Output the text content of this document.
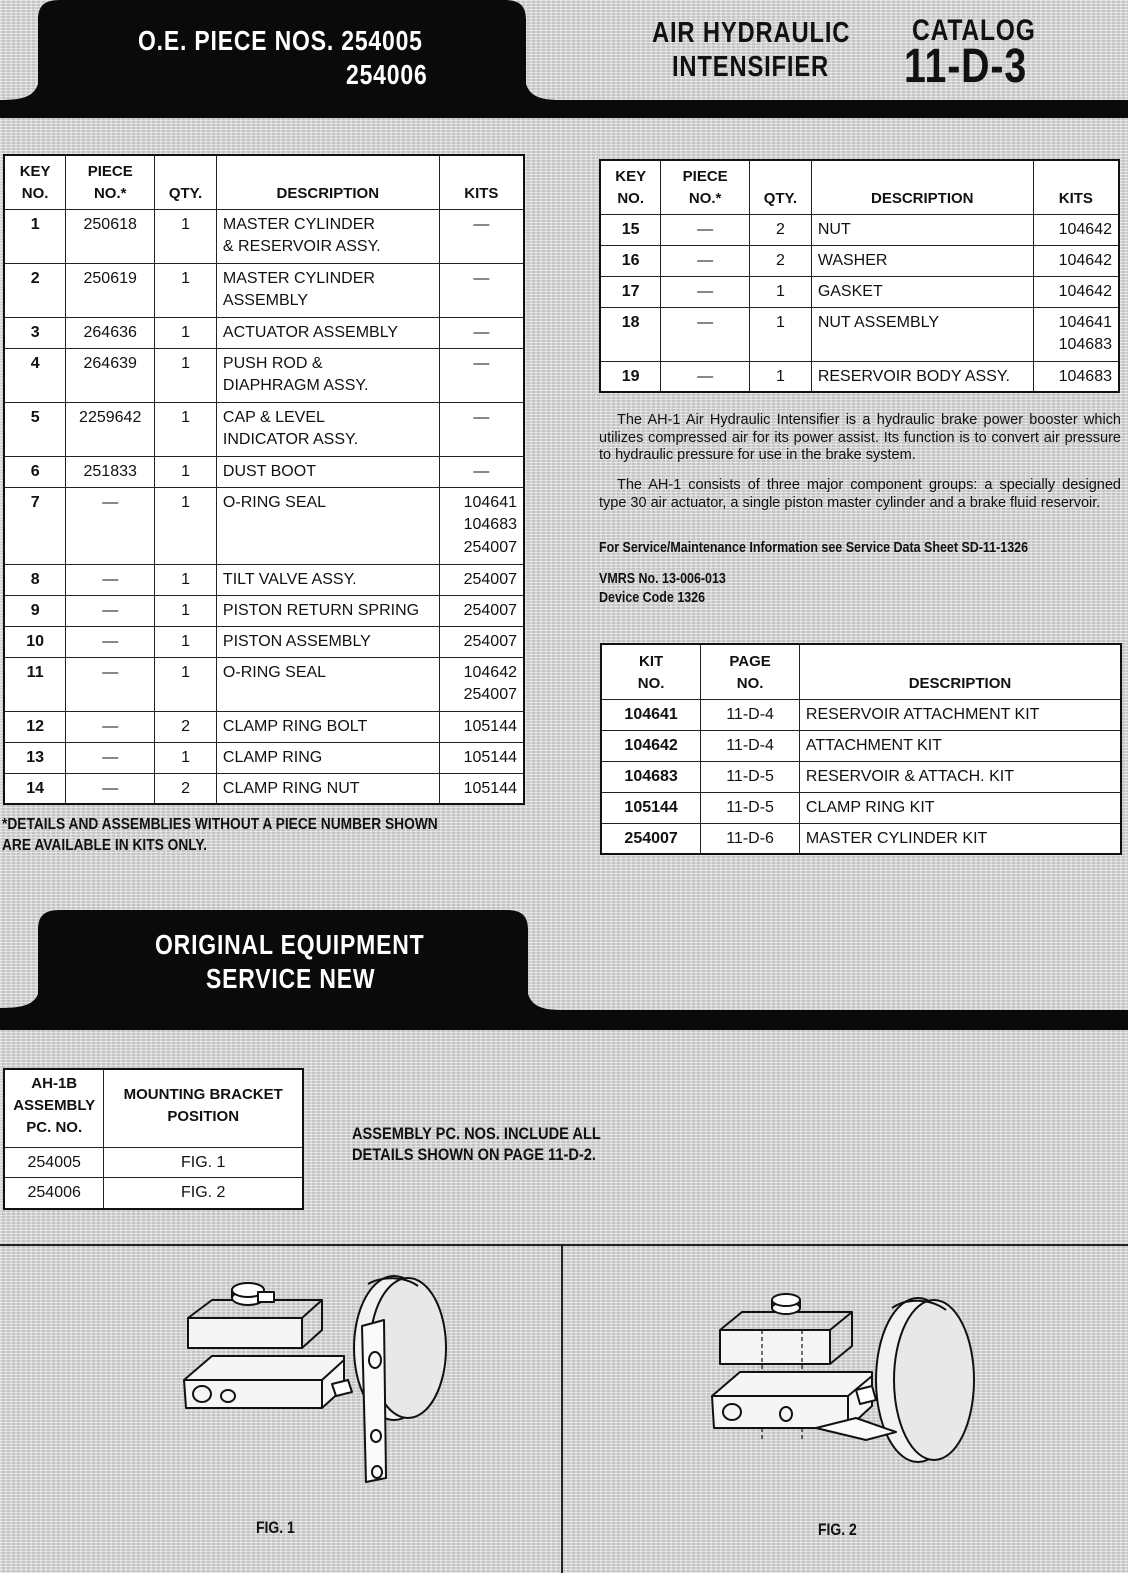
O.E. PIECE NOS. 254005
254006
AIR HYDRAULIC
INTENSIFIER
CATALOG
11-D-3
KEY
NO.	PIECE
NO.*	QTY.	DESCRIPTION	KITS
1	250618	1	MASTER CYLINDER
& RESERVOIR ASSY.	—
2	250619	1	MASTER CYLINDER
ASSEMBLY	—
3	264636	1	ACTUATOR ASSEMBLY	—
4	264639	1	PUSH ROD &
DIAPHRAGM ASSY.	—
5	2259642	1	CAP & LEVEL
INDICATOR ASSY.	—
6	251833	1	DUST BOOT	—
7	—	1	O-RING SEAL	104641
104683
254007
8	—	1	TILT VALVE ASSY.	254007
9	—	1	PISTON RETURN SPRING	254007
10	—	1	PISTON ASSEMBLY	254007
11	—	1	O-RING SEAL	104642
254007
12	—	2	CLAMP RING BOLT	105144
13	—	1	CLAMP RING	105144
14	—	2	CLAMP RING NUT	105144
*DETAILS AND ASSEMBLIES WITHOUT A PIECE NUMBER SHOWN
ARE AVAILABLE IN KITS ONLY.
KEY
NO.	PIECE
NO.*	QTY.	DESCRIPTION	KITS
15	—	2	NUT	104642
16	—	2	WASHER	104642
17	—	1	GASKET	104642
18	—	1	NUT ASSEMBLY	104641
104683
19	—	1	RESERVOIR BODY ASSY.	104683
The AH-1 Air Hydraulic Intensifier is a hydraulic brake power booster which utilizes compressed air for its power assist. Its function is to convert air pressure to hydraulic pressure for use in the brake system.
The AH-1 consists of three major component groups: a specially designed type 30 air actuator, a single piston master cylinder and a brake fluid reservoir.
For Service/Maintenance Information see Service Data Sheet SD-11-1326
VMRS No. 13-006-013
Device Code 1326
KIT
NO.	PAGE
NO.	DESCRIPTION
104641	11-D-4	RESERVOIR ATTACHMENT KIT
104642	11-D-4	ATTACHMENT KIT
104683	11-D-5	RESERVOIR & ATTACH. KIT
105144	11-D-5	CLAMP RING KIT
254007	11-D-6	MASTER CYLINDER KIT
ORIGINAL EQUIPMENT
SERVICE NEW
AH-1B
ASSEMBLY
PC. NO.	MOUNTING BRACKET
POSITION
254005	FIG. 1
254006	FIG. 2
ASSEMBLY PC. NOS. INCLUDE ALL
DETAILS SHOWN ON PAGE 11-D-2.
FIG. 1	FIG. 2
